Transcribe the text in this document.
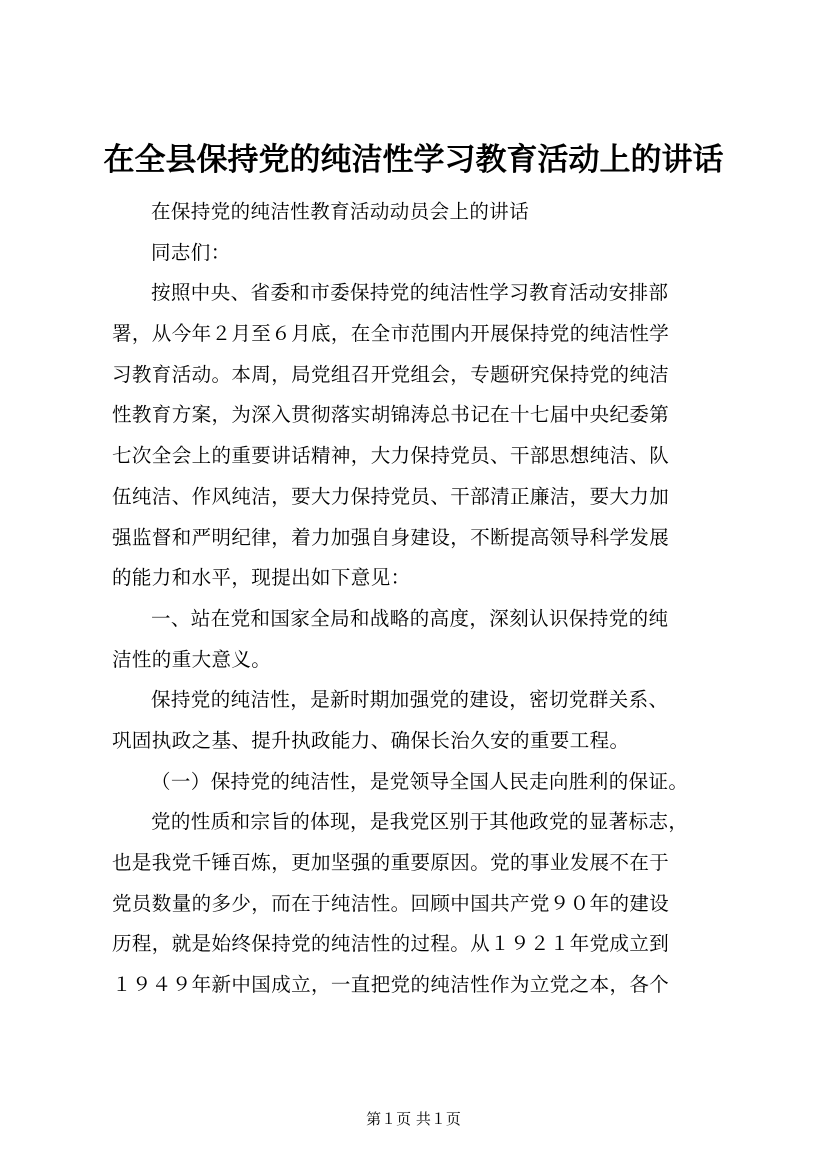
在全县保持党的纯洁性学习教育活动上的讲话
在保持党的纯洁性教育活动动员会上的讲话
同志们：
按照中央、省委和市委保持党的纯洁性学习教育活动安排部
署，从今年２月至６月底，在全市范围内开展保持党的纯洁性学
习教育活动。本周，局党组召开党组会，专题研究保持党的纯洁
性教育方案，为深入贯彻落实胡锦涛总书记在十七届中央纪委第
七次全会上的重要讲话精神，大力保持党员、干部思想纯洁、队
伍纯洁、作风纯洁，要大力保持党员、干部清正廉洁，要大力加
强监督和严明纪律，着力加强自身建设，不断提高领导科学发展
的能力和水平，现提出如下意见：
一、站在党和国家全局和战略的高度，深刻认识保持党的纯
洁性的重大意义。
保持党的纯洁性，是新时期加强党的建设，密切党群关系、
巩固执政之基、提升执政能力、确保长治久安的重要工程。
（一）保持党的纯洁性，是党领导全国人民走向胜利的保证。
党的性质和宗旨的体现，是我党区别于其他政党的显著标志，
也是我党千锤百炼，更加坚强的重要原因。党的事业发展不在于
党员数量的多少，而在于纯洁性。回顾中国共产党９０年的建设
历程，就是始终保持党的纯洁性的过程。从１９２１年党成立到
１９４９年新中国成立，一直把党的纯洁性作为立党之本，各个
第１页 共１页
